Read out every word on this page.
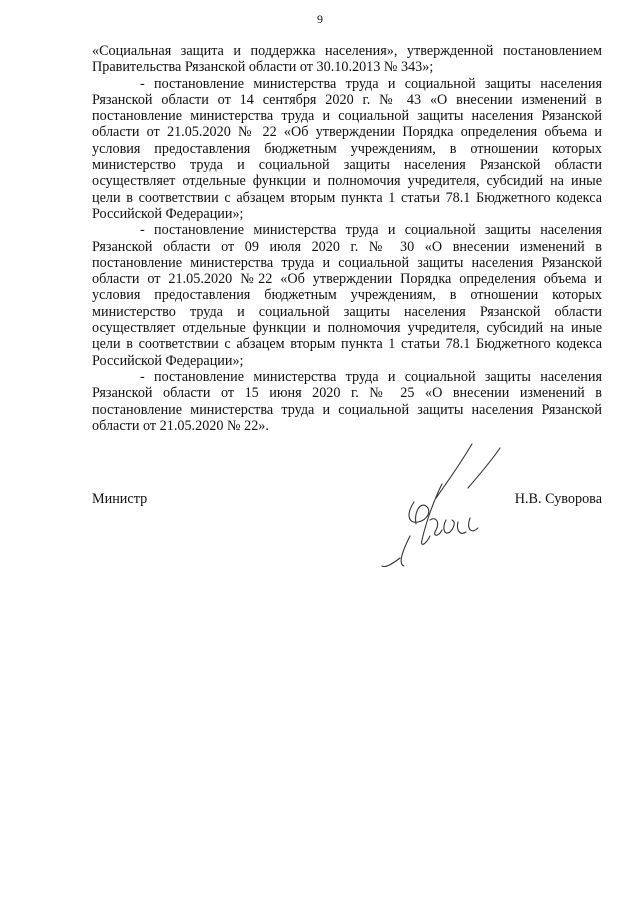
9

«Социальная защита и поддержка населения», утвержденной постановлением Правительства Рязанской области от 30.10.2013 № 343»;

- постановление министерства труда и социальной защиты населения Рязанской области от 14 сентября 2020 г. № 43 «О внесении изменений в постановление министерства труда и социальной защиты населения Рязанской области от 21.05.2020 № 22 «Об утверждении Порядка определения объема и условия предоставления бюджетным учреждениям, в отношении которых министерство труда и социальной защиты населения Рязанской области осуществляет отдельные функции и полномочия учредителя, субсидий на иные цели в соответствии с абзацем вторым пункта 1 статьи 78.1 Бюджетного кодекса Российской Федерации»;

- постановление министерства труда и социальной защиты населения Рязанской области от 09 июля 2020 г. № 30 «О внесении изменений в постановление министерства труда и социальной защиты населения Рязанской области от 21.05.2020 №22 «Об утверждении Порядка определения объема и условия предоставления бюджетным учреждениям, в отношении которых министерство труда и социальной защиты населения Рязанской области осуществляет отдельные функции и полномочия учредителя, субсидий на иные цели в соответствии с абзацем вторым пункта 1 статьи 78.1 Бюджетного кодекса Российской Федерации»;

- постановление министерства труда и социальной защиты населения Рязанской области от 15 июня 2020 г. № 25 «О внесении изменений в постановление министерства труда и социальной защиты населения Рязанской области от 21.05.2020 № 22».

Министр	Н.В. Суворова
